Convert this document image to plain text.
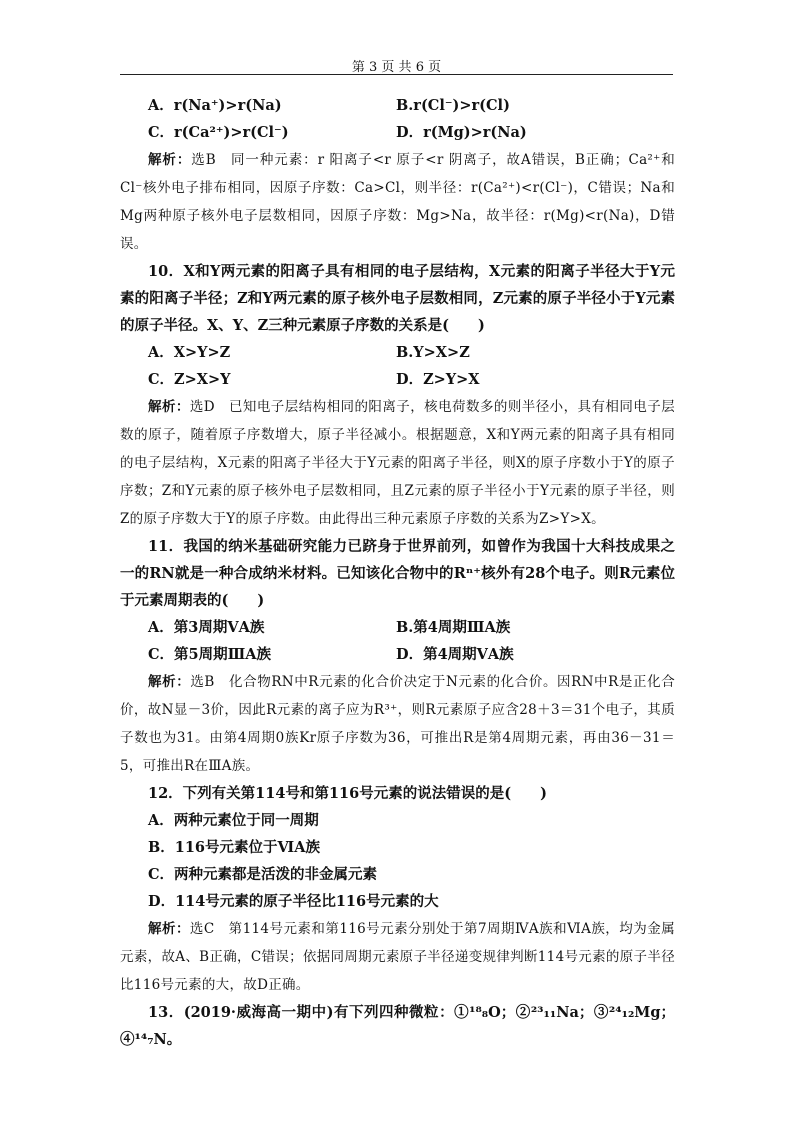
第 3 页 共 6 页
A．r(Na⁺)>r(Na)	B.r(Cl⁻)>r(Cl)
C．r(Ca²⁺)>r(Cl⁻)	D．r(Mg)>r(Na)

解析：选B　同一种元素：r 阳离子<r 原子<r 阴离子，故A错误，B正确；Ca²⁺和Cl⁻核外电子排布相同，因原子序数：Ca>Cl，则半径：r(Ca²⁺)<r(Cl⁻)，C错误；Na和Mg两种原子核外电子层数相同，因原子序数：Mg>Na，故半径：r(Mg)<r(Na)，D错误。

10．X和Y两元素的阳离子具有相同的电子层结构，X元素的阳离子半径大于Y元素的阳离子半径；Z和Y两元素的原子核外电子层数相同，Z元素的原子半径小于Y元素的原子半径。X、Y、Z三种元素原子序数的关系是(　　)

A．X>Y>Z	B.Y>X>Z
C．Z>X>Y	D．Z>Y>X

解析：选D　已知电子层结构相同的阳离子，核电荷数多的则半径小，具有相同电子层数的原子，随着原子序数增大，原子半径减小。根据题意，X和Y两元素的阳离子具有相同的电子层结构，X元素的阳离子半径大于Y元素的阳离子半径，则X的原子序数小于Y的原子序数；Z和Y元素的原子核外电子层数相同，且Z元素的原子半径小于Y元素的原子半径，则Z的原子序数大于Y的原子序数。由此得出三种元素原子序数的关系为Z>Y>X。

11．我国的纳米基础研究能力已跻身于世界前列，如曾作为我国十大科技成果之一的RN就是一种合成纳米材料。已知该化合物中的Rⁿ⁺核外有28个电子。则R元素位于元素周期表的(　　)

A．第3周期ⅤA族	B.第4周期ⅢA族
C．第5周期ⅢA族	D．第4周期ⅤA族

解析：选B　化合物RN中R元素的化合价决定于N元素的化合价。因RN中R是正化合价，故N显－3价，因此R元素的离子应为R³⁺，则R元素原子应含28＋3＝31个电子，其质子数也为31。由第4周期0族Kr原子序数为36，可推出R是第4周期元素，再由36－31＝5，可推出R在ⅢA族。

12．下列有关第114号和第116号元素的说法错误的是(　　)

A．两种元素位于同一周期
B．116号元素位于ⅥA族
C．两种元素都是活泼的非金属元素
D．114号元素的原子半径比116号元素的大

解析：选C　第114号元素和第116号元素分别处于第7周期ⅣA族和ⅥA族，均为金属元素，故A、B正确，C错误；依据同周期元素原子半径递变规律判断114号元素的原子半径比116号元素的大，故D正确。

13．(2019·威海高一期中)有下列四种微粒：①¹⁸₈O；②²³₁₁Na；③²⁴₁₂Mg；④¹⁴₇N。
